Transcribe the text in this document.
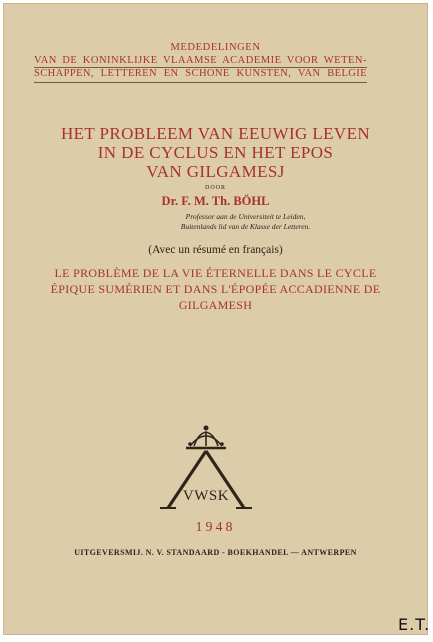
MEDEDELINGEN
VAN DE KONINKLIJKE VLAAMSE ACADEMIE VOOR WETEN-
SCHAPPEN, LETTEREN EN SCHONE KUNSTEN, VAN BELGIE
HET PROBLEEM VAN EEUWIG LEVEN
IN DE CYCLUS EN HET EPOS
VAN GILGAMESJ
DOOR
Dr. F. M. Th. BÖHL
Professor aan de Universiteit te Leiden,
Buitenlands lid van de Klasse der Letteren.
(Avec un résumé en français)
LE PROBLÈME DE LA VIE ÉTERNELLE DANS LE CYCLE
ÉPIQUE SUMÉRIEN ET DANS L'ÉPOPÉE ACCADIENNE DE
GILGAMESH
VWSK
1948
UITGEVERSMIJ. N. V. STANDAARD - BOEKHANDEL — ANTWERPEN
E.T.
